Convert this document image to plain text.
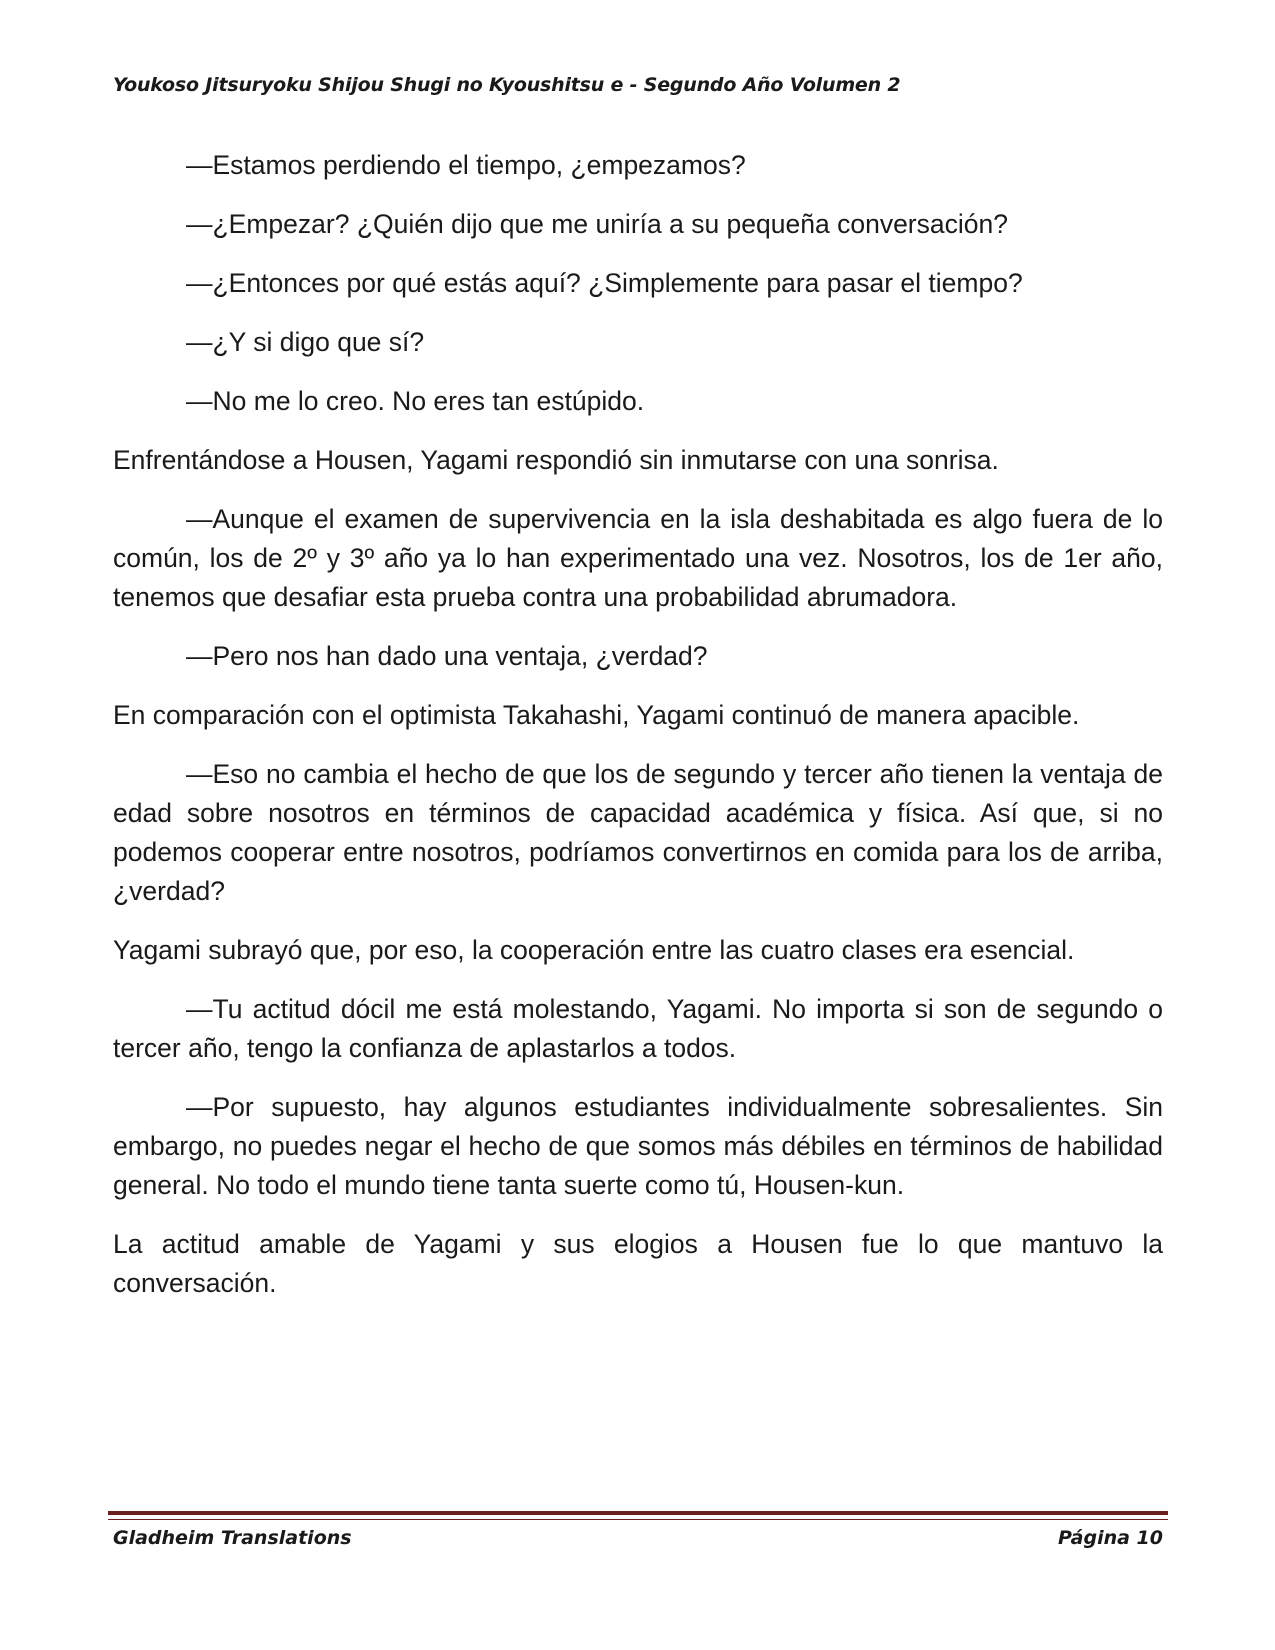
Youkoso Jitsuryoku Shijou Shugi no Kyoushitsu e - Segundo Año Volumen 2

—Estamos perdiendo el tiempo, ¿empezamos?

—¿Empezar? ¿Quién dijo que me uniría a su pequeña conversación?

—¿Entonces por qué estás aquí? ¿Simplemente para pasar el tiempo?

—¿Y si digo que sí?

—No me lo creo. No eres tan estúpido.

Enfrentándose a Housen, Yagami respondió sin inmutarse con una sonrisa.

—Aunque el examen de supervivencia en la isla deshabitada es algo fuera de lo común, los de 2º y 3º año ya lo han experimentado una vez. Nosotros, los de 1er año, tenemos que desafiar esta prueba contra una probabilidad abrumadora.

—Pero nos han dado una ventaja, ¿verdad?

En comparación con el optimista Takahashi, Yagami continuó de manera apacible.

—Eso no cambia el hecho de que los de segundo y tercer año tienen la ventaja de edad sobre nosotros en términos de capacidad académica y física. Así que, si no podemos cooperar entre nosotros, podríamos convertirnos en comida para los de arriba, ¿verdad?

Yagami subrayó que, por eso, la cooperación entre las cuatro clases era esencial.

—Tu actitud dócil me está molestando, Yagami. No importa si son de segundo o tercer año, tengo la confianza de aplastarlos a todos.

—Por supuesto, hay algunos estudiantes individualmente sobresalientes. Sin embargo, no puedes negar el hecho de que somos más débiles en términos de habilidad general. No todo el mundo tiene tanta suerte como tú, Housen-kun.

La actitud amable de Yagami y sus elogios a Housen fue lo que mantuvo la conversación.

Gladheim Translations	Página 10
